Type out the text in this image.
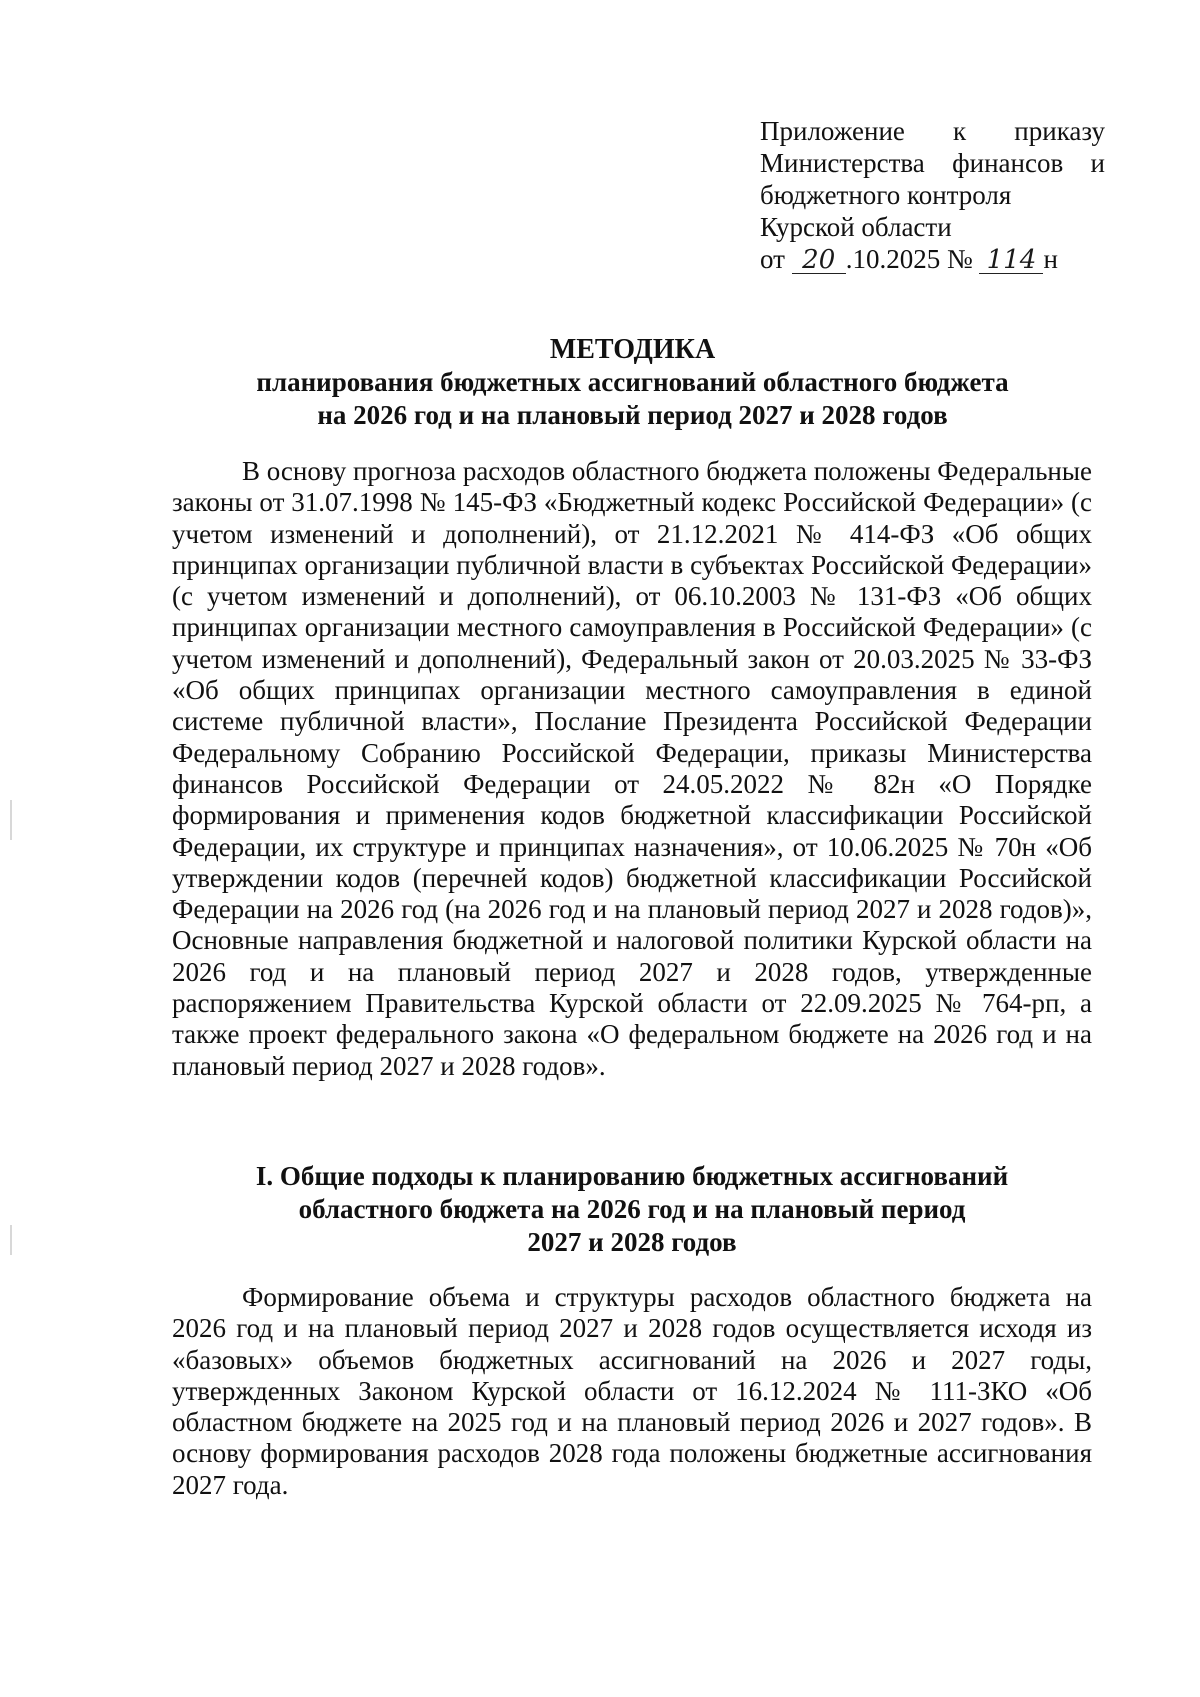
Приложение к приказу
Министерства финансов и
бюджетного контроля
Курской области
от 20 .10.2025 № 114 н
МЕТОДИКА
планирования бюджетных ассигнований областного бюджета
на 2026 год и на плановый период 2027 и 2028 годов

В основу прогноза расходов областного бюджета положены Федеральные законы от 31.07.1998 № 145-ФЗ «Бюджетный кодекс Российской Федерации» (с учетом изменений и дополнений), от 21.12.2021 № 414-ФЗ «Об общих принципах организации публичной власти в субъектах Российской Федерации» (с учетом изменений и дополнений), от 06.10.2003 № 131-ФЗ «Об общих принципах организации местного самоуправления в Российской Федерации» (с учетом изменений и дополнений), Федеральный закон от 20.03.2025 № 33-ФЗ «Об общих принципах организации местного самоуправления в единой системе публичной власти», Послание Президента Российской Федерации Федеральному Собранию Российской Федерации, приказы Министерства финансов Российской Федерации от 24.05.2022 № 82н «О Порядке формирования и применения кодов бюджетной классификации Российской Федерации, их структуре и принципах назначения», от 10.06.2025 № 70н «Об утверждении кодов (перечней кодов) бюджетной классификации Российской Федерации на 2026 год (на 2026 год и на плановый период 2027 и 2028 годов)», Основные направления бюджетной и налоговой политики Курской области на 2026 год и на плановый период 2027 и 2028 годов, утвержденные распоряжением Правительства Курской области от 22.09.2025 № 764-рп, а также проект федерального закона «О федеральном бюджете на 2026 год и на плановый период 2027 и 2028 годов».

I. Общие подходы к планированию бюджетных ассигнований
областного бюджета на 2026 год и на плановый период
2027 и 2028 годов

Формирование объема и структуры расходов областного бюджета на 2026 год и на плановый период 2027 и 2028 годов осуществляется исходя из «базовых» объемов бюджетных ассигнований на 2026 и 2027 годы, утвержденных Законом Курской области от 16.12.2024 № 111-ЗКО «Об областном бюджете на 2025 год и на плановый период 2026 и 2027 годов». В основу формирования расходов 2028 года положены бюджетные ассигнования 2027 года.
